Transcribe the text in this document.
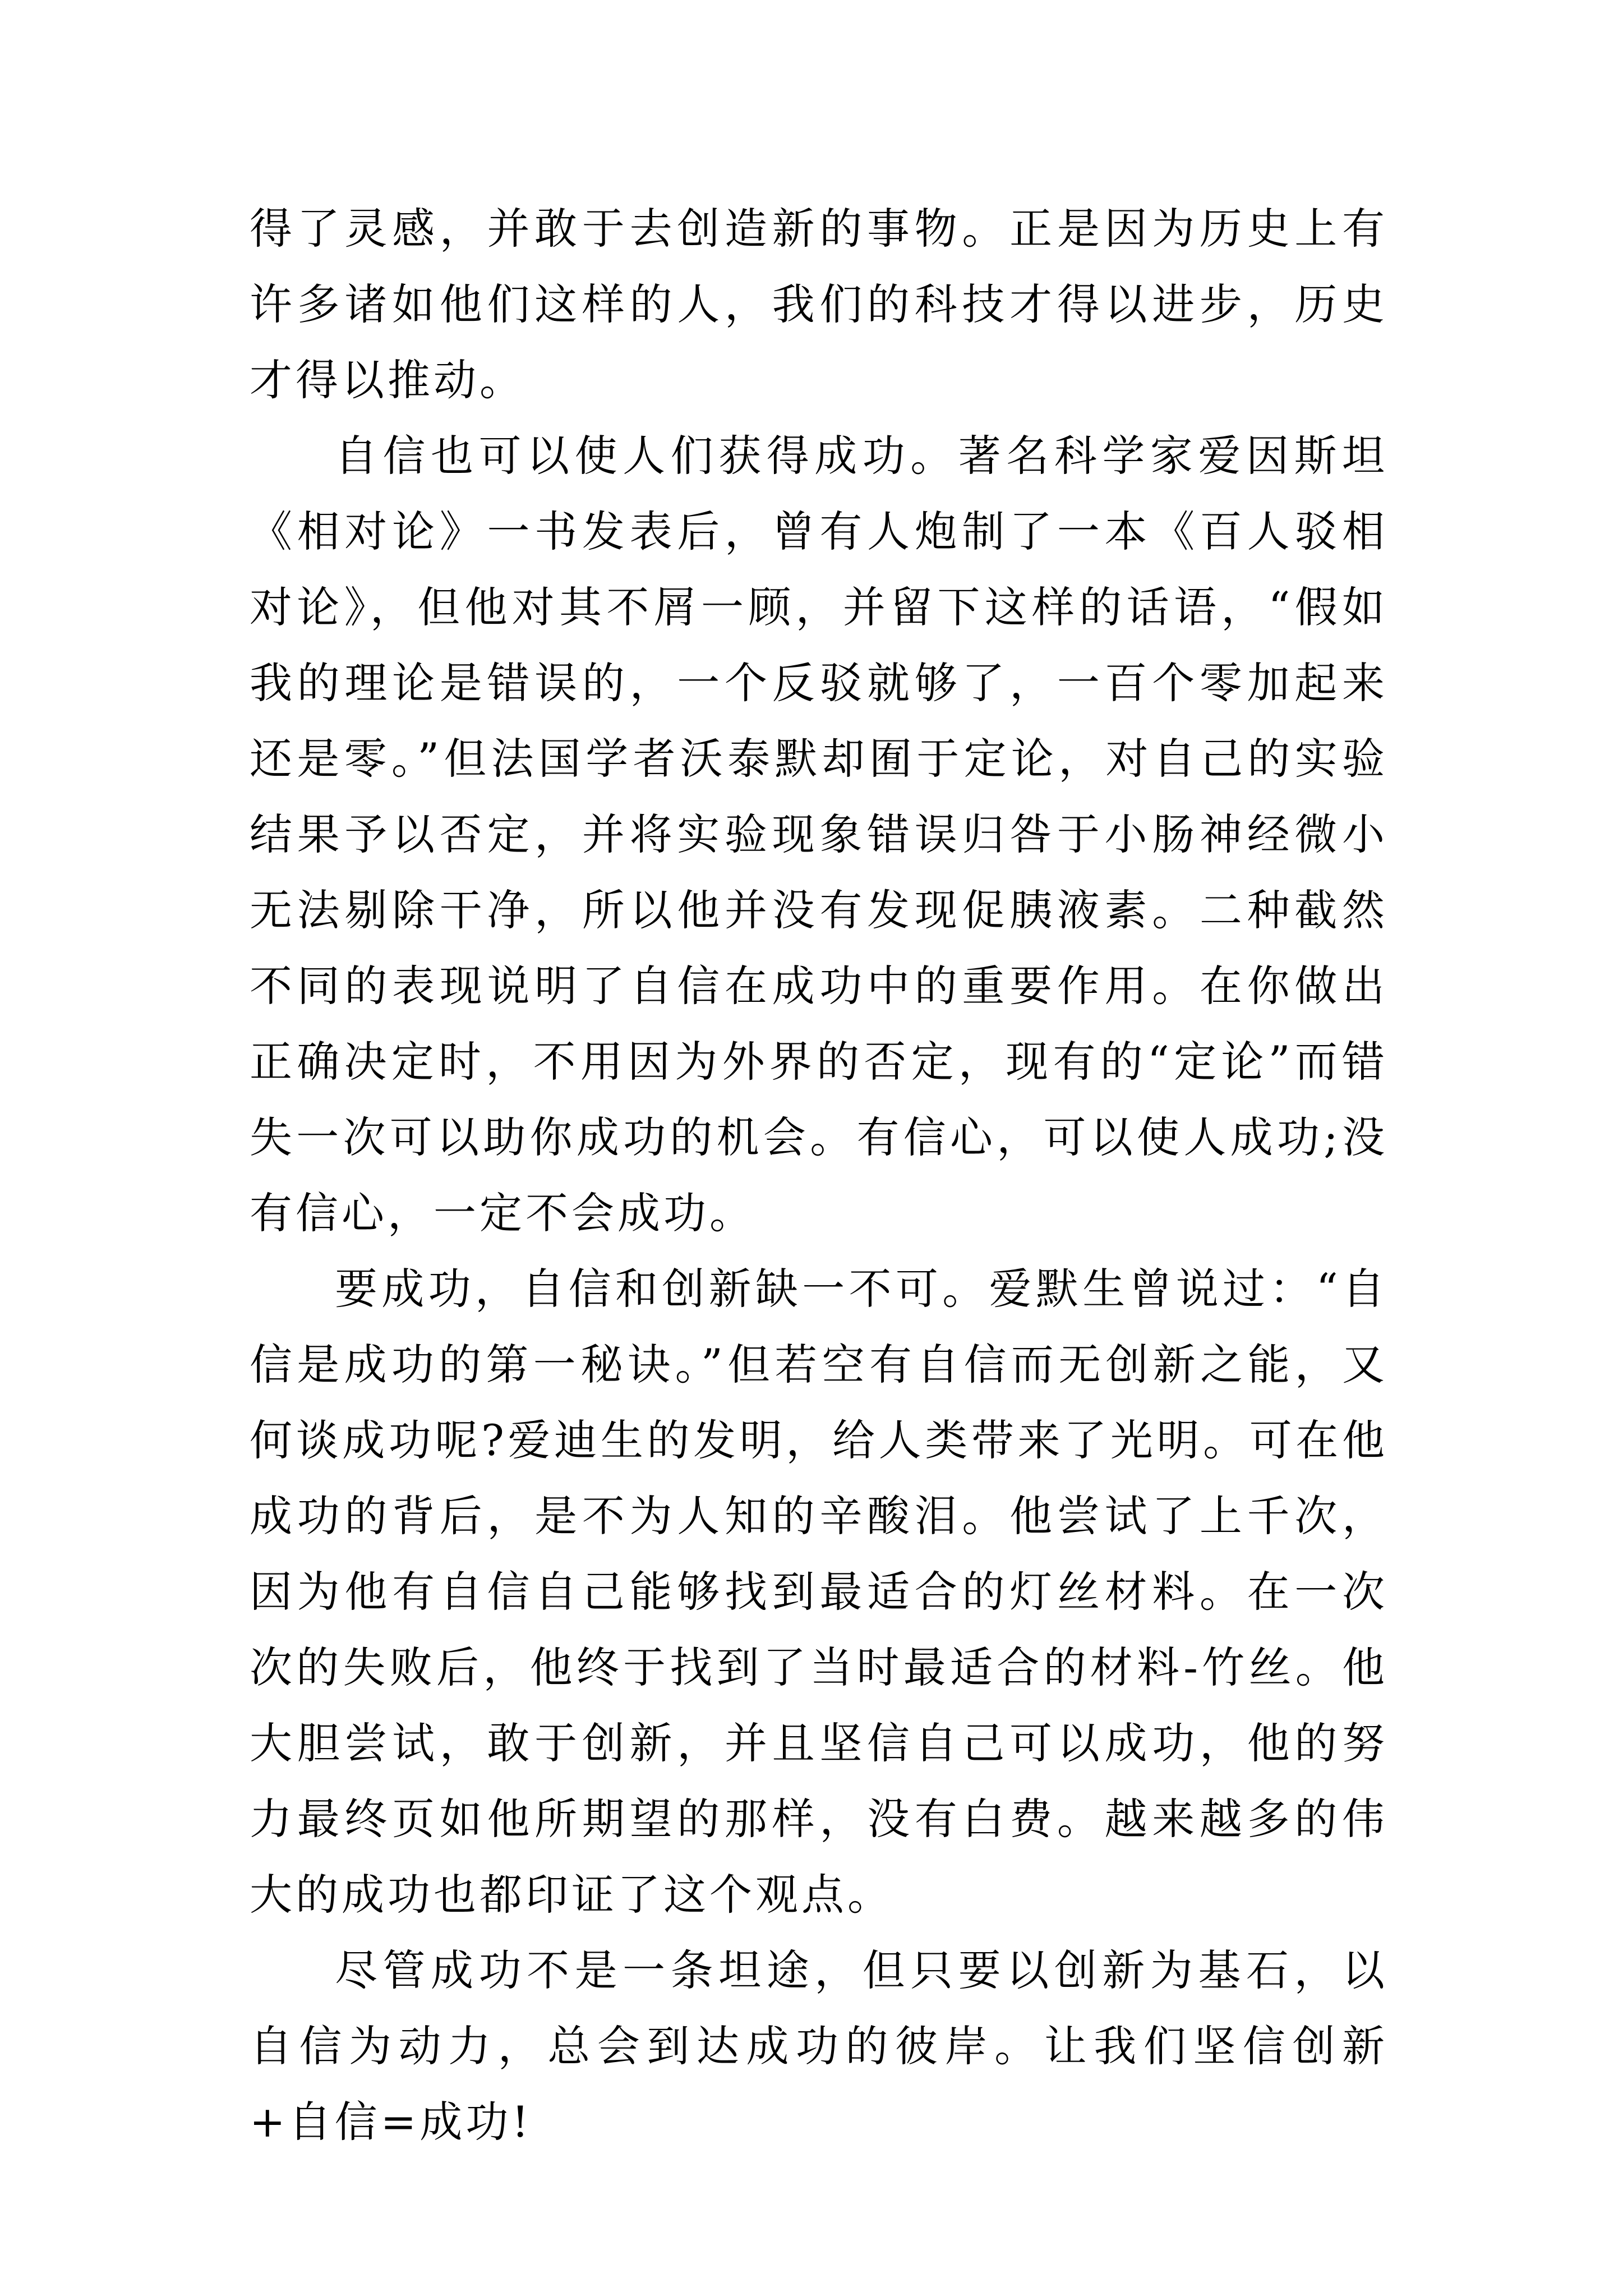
得了灵感，并敢于去创造新的事物。正是因为历史上有许多诸如他们这样的人，我们的科技才得以进步，历史才得以推动。

自信也可以使人们获得成功。著名科学家爱因斯坦《相对论》一书发表后，曾有人炮制了一本《百人驳相对论》，但他对其不屑一顾，并留下这样的话语，“假如我的理论是错误的，一个反驳就够了，一百个零加起来还是零。”但法国学者沃泰默却囿于定论，对自己的实验结果予以否定，并将实验现象错误归咎于小肠神经微小无法剔除干净，所以他并没有发现促胰液素。二种截然不同的表现说明了自信在成功中的重要作用。在你做出正确决定时，不用因为外界的否定，现有的“定论”而错失一次可以助你成功的机会。有信心，可以使人成功;没有信心，一定不会成功。

要成功，自信和创新缺一不可。爱默生曾说过：“自信是成功的第一秘诀。”但若空有自信而无创新之能，又何谈成功呢?爱迪生的发明，给人类带来了光明。可在他成功的背后，是不为人知的辛酸泪。他尝试了上千次，因为他有自信自己能够找到最适合的灯丝材料。在一次次的失败后，他终于找到了当时最适合的材料-竹丝。他大胆尝试，敢于创新，并且坚信自己可以成功，他的努力最终页如他所期望的那样，没有白费。越来越多的伟大的成功也都印证了这个观点。

尽管成功不是一条坦途，但只要以创新为基石，以自信为动力，总会到达成功的彼岸。让我们坚信创新+自信=成功!
